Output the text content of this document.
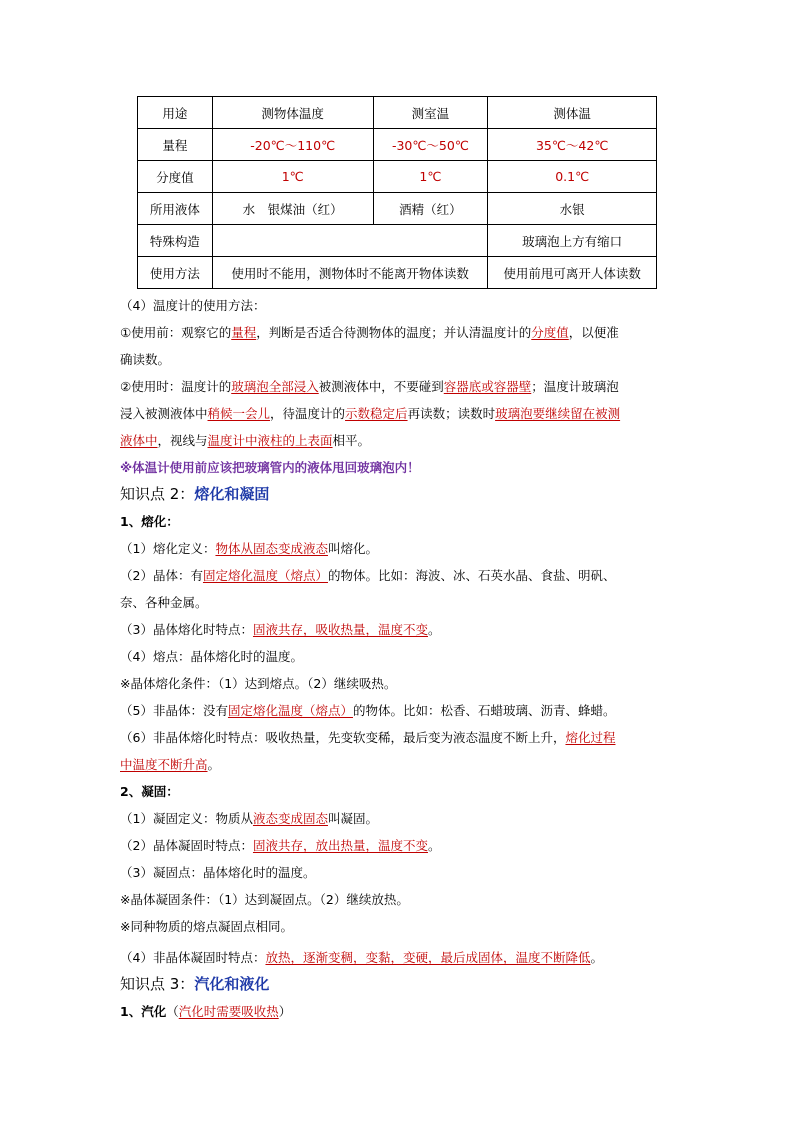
用途	测物体温度	测室温	测体温
量程	-20℃～110℃	-30℃～50℃	35℃～42℃
分度值	1℃	1℃	0.1℃
所用液体	水　银煤油（红）	酒精（红）	水银
特殊构造			玻璃泡上方有缩口
使用方法	使用时不能用，测物体时不能离开物体读数		使用前甩可离开人体读数
（4）温度计的使用方法：
①使用前：观察它的量程，判断是否适合待测物体的温度；并认清温度计的分度值，以便准
确读数。
②使用时：温度计的玻璃泡全部浸入被测液体中，不要碰到容器底或容器壁；温度计玻璃泡
浸入被测液体中稍候一会儿，待温度计的示数稳定后再读数；读数时玻璃泡要继续留在被测
液体中，视线与温度计中液柱的上表面相平。
※体温计使用前应该把玻璃管内的液体甩回玻璃泡内！
知识点 2：熔化和凝固
1、熔化：
（1）熔化定义：物体从固态变成液态叫熔化。
（2）晶体：有固定熔化温度（熔点）的物体。比如：海波、冰、石英水晶、食盐、明矾、
奈、各种金属。
（3）晶体熔化时特点：固液共存，吸收热量，温度不变。
（4）熔点：晶体熔化时的温度。
※晶体熔化条件：（1）达到熔点。（2）继续吸热。
（5）非晶体：没有固定熔化温度（熔点）的物体。比如：松香、石蜡玻璃、沥青、蜂蜡。
（6）非晶体熔化时特点：吸收热量，先变软变稀，最后变为液态温度不断上升，熔化过程
中温度不断升高。
2、凝固：
（1）凝固定义：物质从液态变成固态叫凝固。
（2）晶体凝固时特点：固液共存，放出热量，温度不变。
（3）凝固点：晶体熔化时的温度。
※晶体凝固条件：（1）达到凝固点。（2）继续放热。
※同种物质的熔点凝固点相同。
（4）非晶体凝固时特点：放热，逐渐变稠，变黏，变硬，最后成固体，温度不断降低。
知识点 3：汽化和液化
1、汽化（汽化时需要吸收热）
